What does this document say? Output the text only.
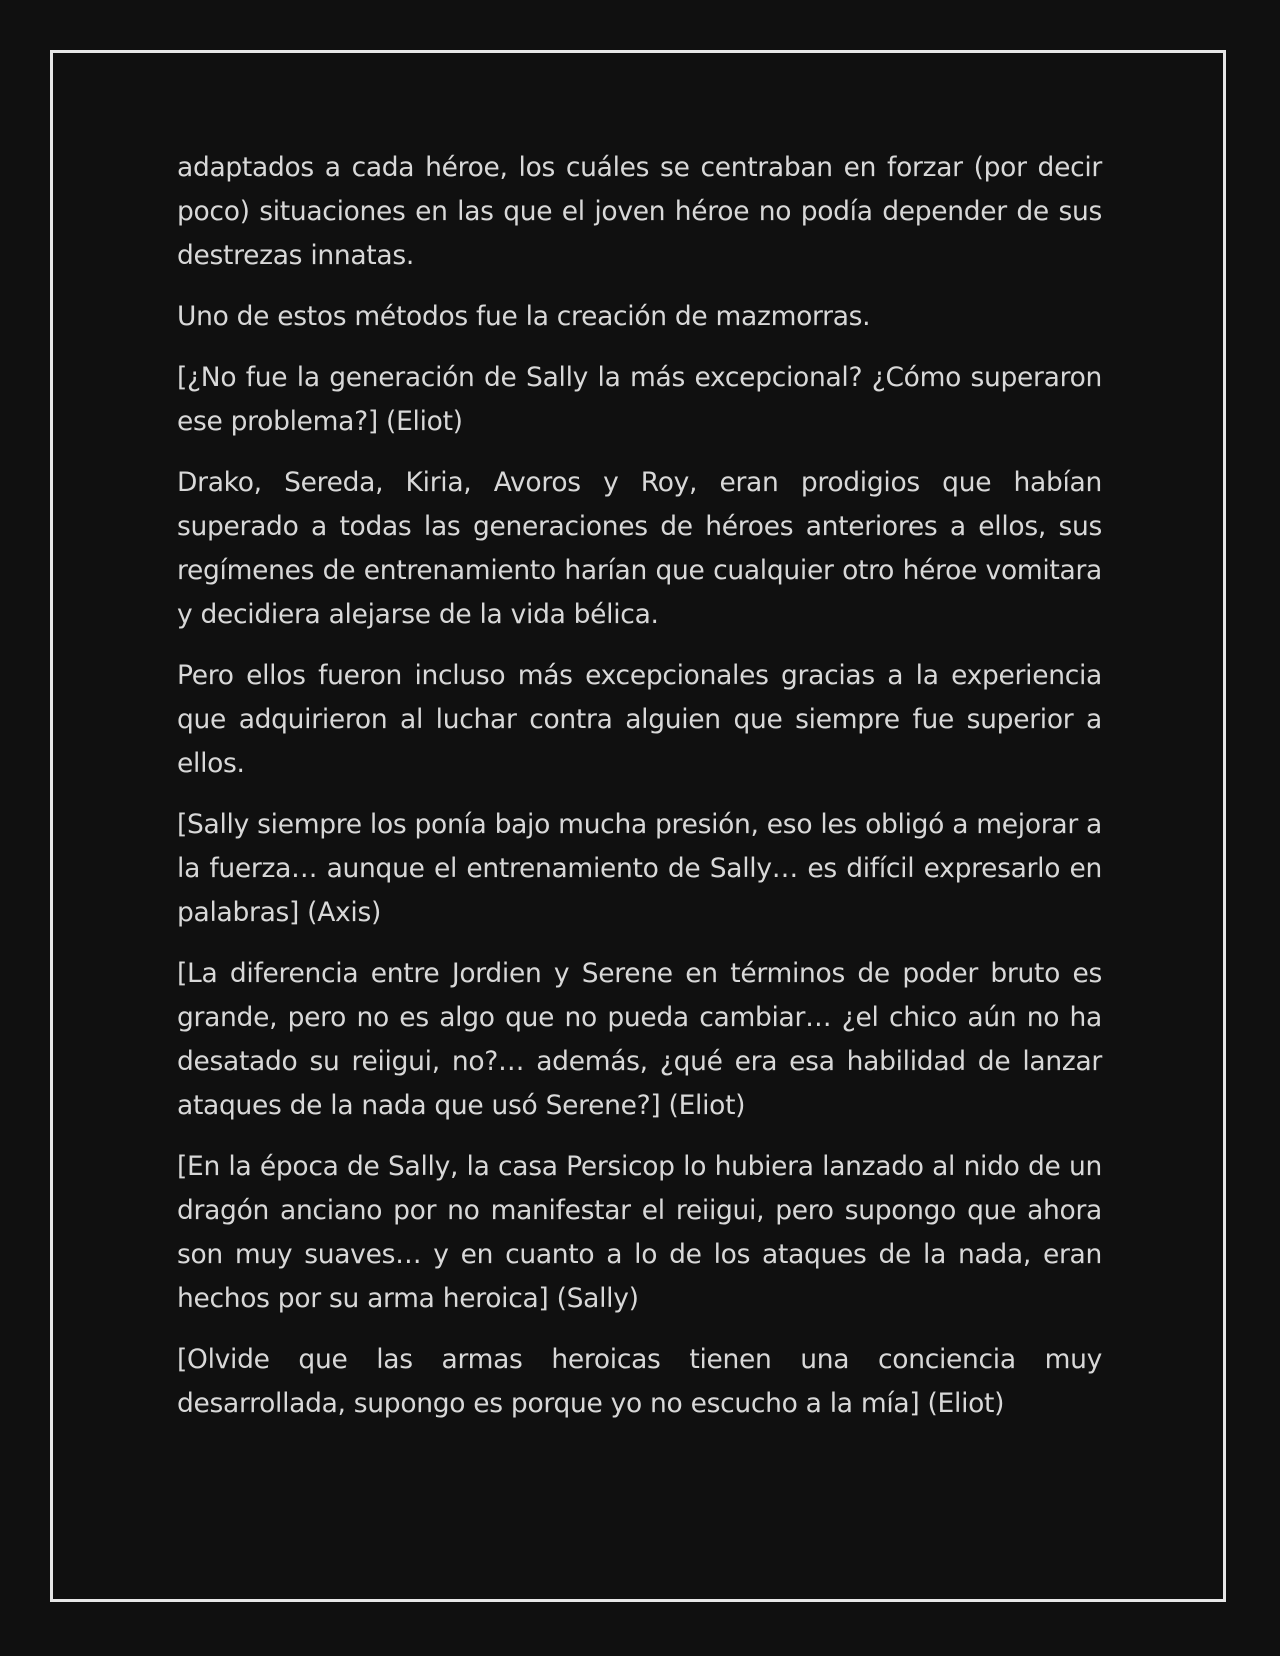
adaptados a cada héroe, los cuáles se centraban en forzar (por decir poco) situaciones en las que el joven héroe no podía depender de sus destrezas innatas.

Uno de estos métodos fue la creación de mazmorras.

[¿No fue la generación de Sally la más excepcional? ¿Cómo superaron ese problema?] (Eliot)

Drako, Sereda, Kiria, Avoros y Roy, eran prodigios que habían superado a todas las generaciones de héroes anteriores a ellos, sus regímenes de entrenamiento harían que cualquier otro héroe vomitara y decidiera alejarse de la vida bélica.

Pero ellos fueron incluso más excepcionales gracias a la experiencia que adquirieron al luchar contra alguien que siempre fue superior a ellos.

[Sally siempre los ponía bajo mucha presión, eso les obligó a mejorar a la fuerza… aunque el entrenamiento de Sally… es difícil expresarlo en palabras] (Axis)

[La diferencia entre Jordien y Serene en términos de poder bruto es grande, pero no es algo que no pueda cambiar… ¿el chico aún no ha desatado su reiigui, no?… además, ¿qué era esa habilidad de lanzar ataques de la nada que usó Serene?] (Eliot)

[En la época de Sally, la casa Persicop lo hubiera lanzado al nido de un dragón anciano por no manifestar el reiigui, pero supongo que ahora son muy suaves… y en cuanto a lo de los ataques de la nada, eran hechos por su arma heroica] (Sally)

[Olvide que las armas heroicas tienen una conciencia muy desarrollada, supongo es porque yo no escucho a la mía] (Eliot)
